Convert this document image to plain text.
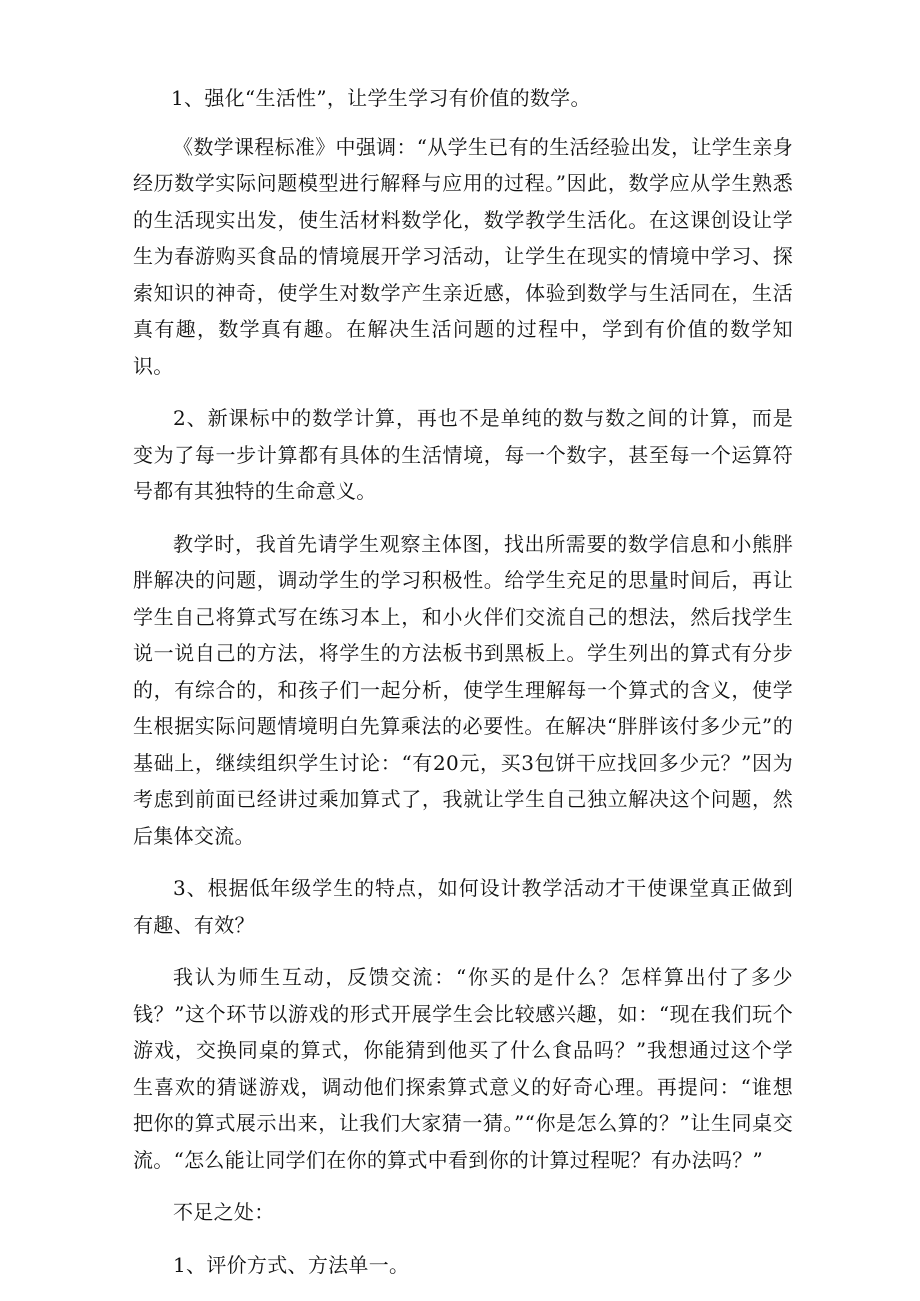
1、强化“生活性”，让学生学习有价值的数学。

《数学课程标准》中强调：“从学生已有的生活经验出发，让学生亲身经历数学实际问题模型进行解释与应用的过程。”因此，数学应从学生熟悉的生活现实出发，使生活材料数学化，数学教学生活化。在这课创设让学生为春游购买食品的情境展开学习活动，让学生在现实的情境中学习、探索知识的神奇，使学生对数学产生亲近感，体验到数学与生活同在，生活真有趣，数学真有趣。在解决生活问题的过程中，学到有价值的数学知识。

2、新课标中的数学计算，再也不是单纯的数与数之间的计算，而是变为了每一步计算都有具体的生活情境，每一个数字，甚至每一个运算符号都有其独特的生命意义。

教学时，我首先请学生观察主体图，找出所需要的数学信息和小熊胖胖解决的问题，调动学生的学习积极性。给学生充足的思量时间后，再让学生自己将算式写在练习本上，和小火伴们交流自己的想法，然后找学生说一说自己的方法，将学生的方法板书到黑板上。学生列出的算式有分步的，有综合的，和孩子们一起分析，使学生理解每一个算式的含义，使学生根据实际问题情境明白先算乘法的必要性。在解决“胖胖该付多少元”的基础上，继续组织学生讨论：“有20元，买3包饼干应找回多少元？”因为考虑到前面已经讲过乘加算式了，我就让学生自己独立解决这个问题，然后集体交流。

3、根据低年级学生的特点，如何设计教学活动才干使课堂真正做到有趣、有效？

我认为师生互动，反馈交流：“你买的是什么？怎样算出付了多少钱？”这个环节以游戏的形式开展学生会比较感兴趣，如：“现在我们玩个游戏，交换同桌的算式，你能猜到他买了什么食品吗？”我想通过这个学生喜欢的猜谜游戏，调动他们探索算式意义的好奇心理。再提问：“谁想把你的算式展示出来，让我们大家猜一猜。”“你是怎么算的？”让生同桌交流。“怎么能让同学们在你的算式中看到你的计算过程呢？有办法吗？”

不足之处：

1、评价方式、方法单一。
